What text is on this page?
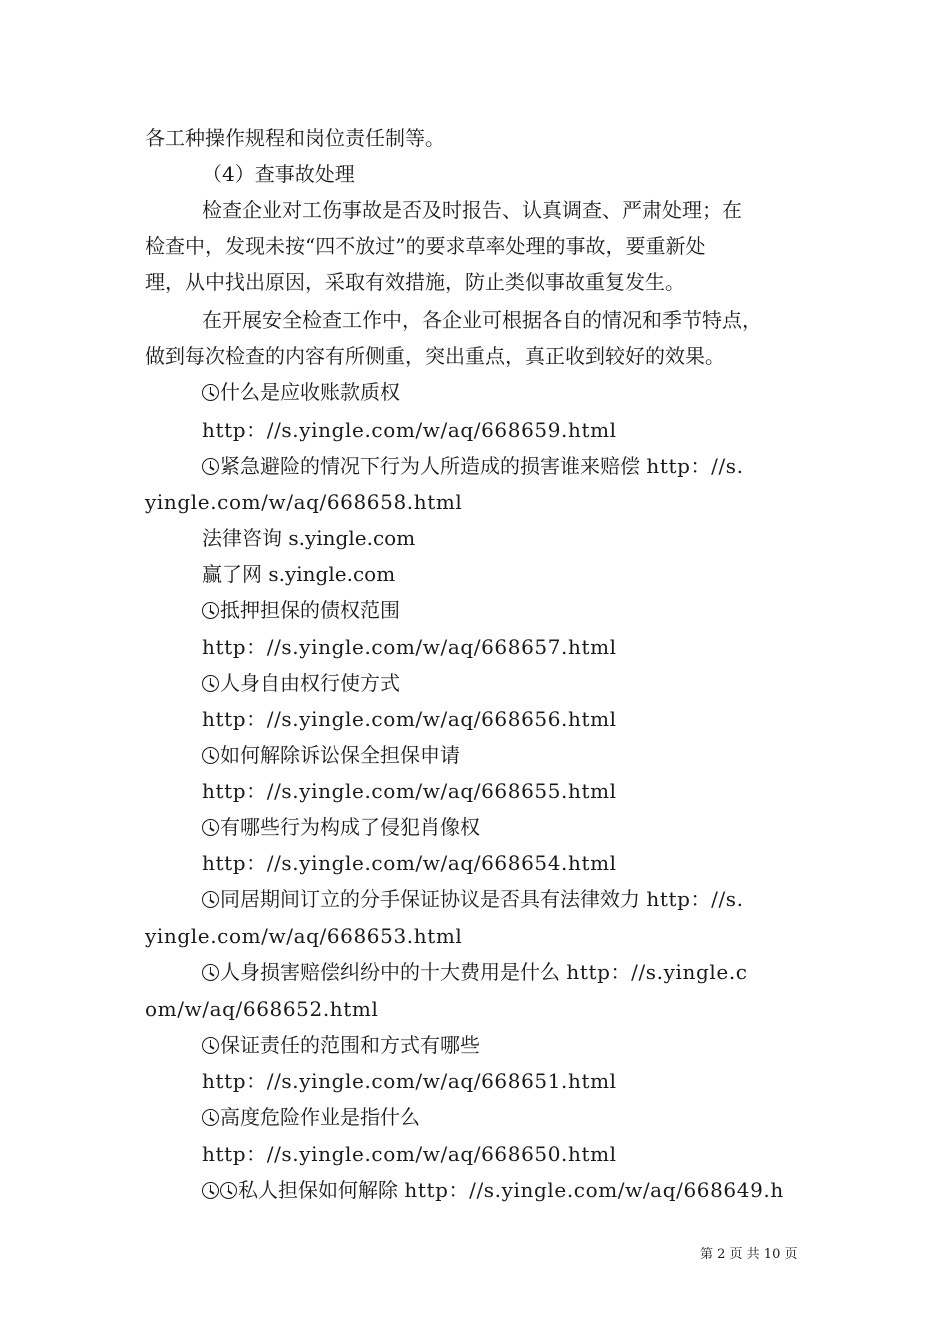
各工种操作规程和岗位责任制等。
（4）查事故处理
检查企业对工伤事故是否及时报告、认真调查、严肃处理；在
检查中，发现未按“四不放过”的要求草率处理的事故，要重新处
理，从中找出原因，采取有效措施，防止类似事故重复发生。
在开展安全检查工作中，各企业可根据各自的情况和季节特点，
做到每次检查的内容有所侧重，突出重点，真正收到较好的效果。
什么是应收账款质权
http：//s.yingle.com/w/aq/668659.html
紧急避险的情况下行为人所造成的损害谁来赔偿 http：//s.
yingle.com/w/aq/668658.html
法律咨询 s.yingle.com
赢了网 s.yingle.com
抵押担保的债权范围
http：//s.yingle.com/w/aq/668657.html
人身自由权行使方式
http：//s.yingle.com/w/aq/668656.html
如何解除诉讼保全担保申请
http：//s.yingle.com/w/aq/668655.html
有哪些行为构成了侵犯肖像权
http：//s.yingle.com/w/aq/668654.html
同居期间订立的分手保证协议是否具有法律效力 http：//s.
yingle.com/w/aq/668653.html
人身损害赔偿纠纷中的十大费用是什么 http：//s.yingle.c
om/w/aq/668652.html
保证责任的范围和方式有哪些
http：//s.yingle.com/w/aq/668651.html
高度危险作业是指什么
http：//s.yingle.com/w/aq/668650.html
私人担保如何解除 http：//s.yingle.com/w/aq/668649.h
第 2 页 共 10 页
